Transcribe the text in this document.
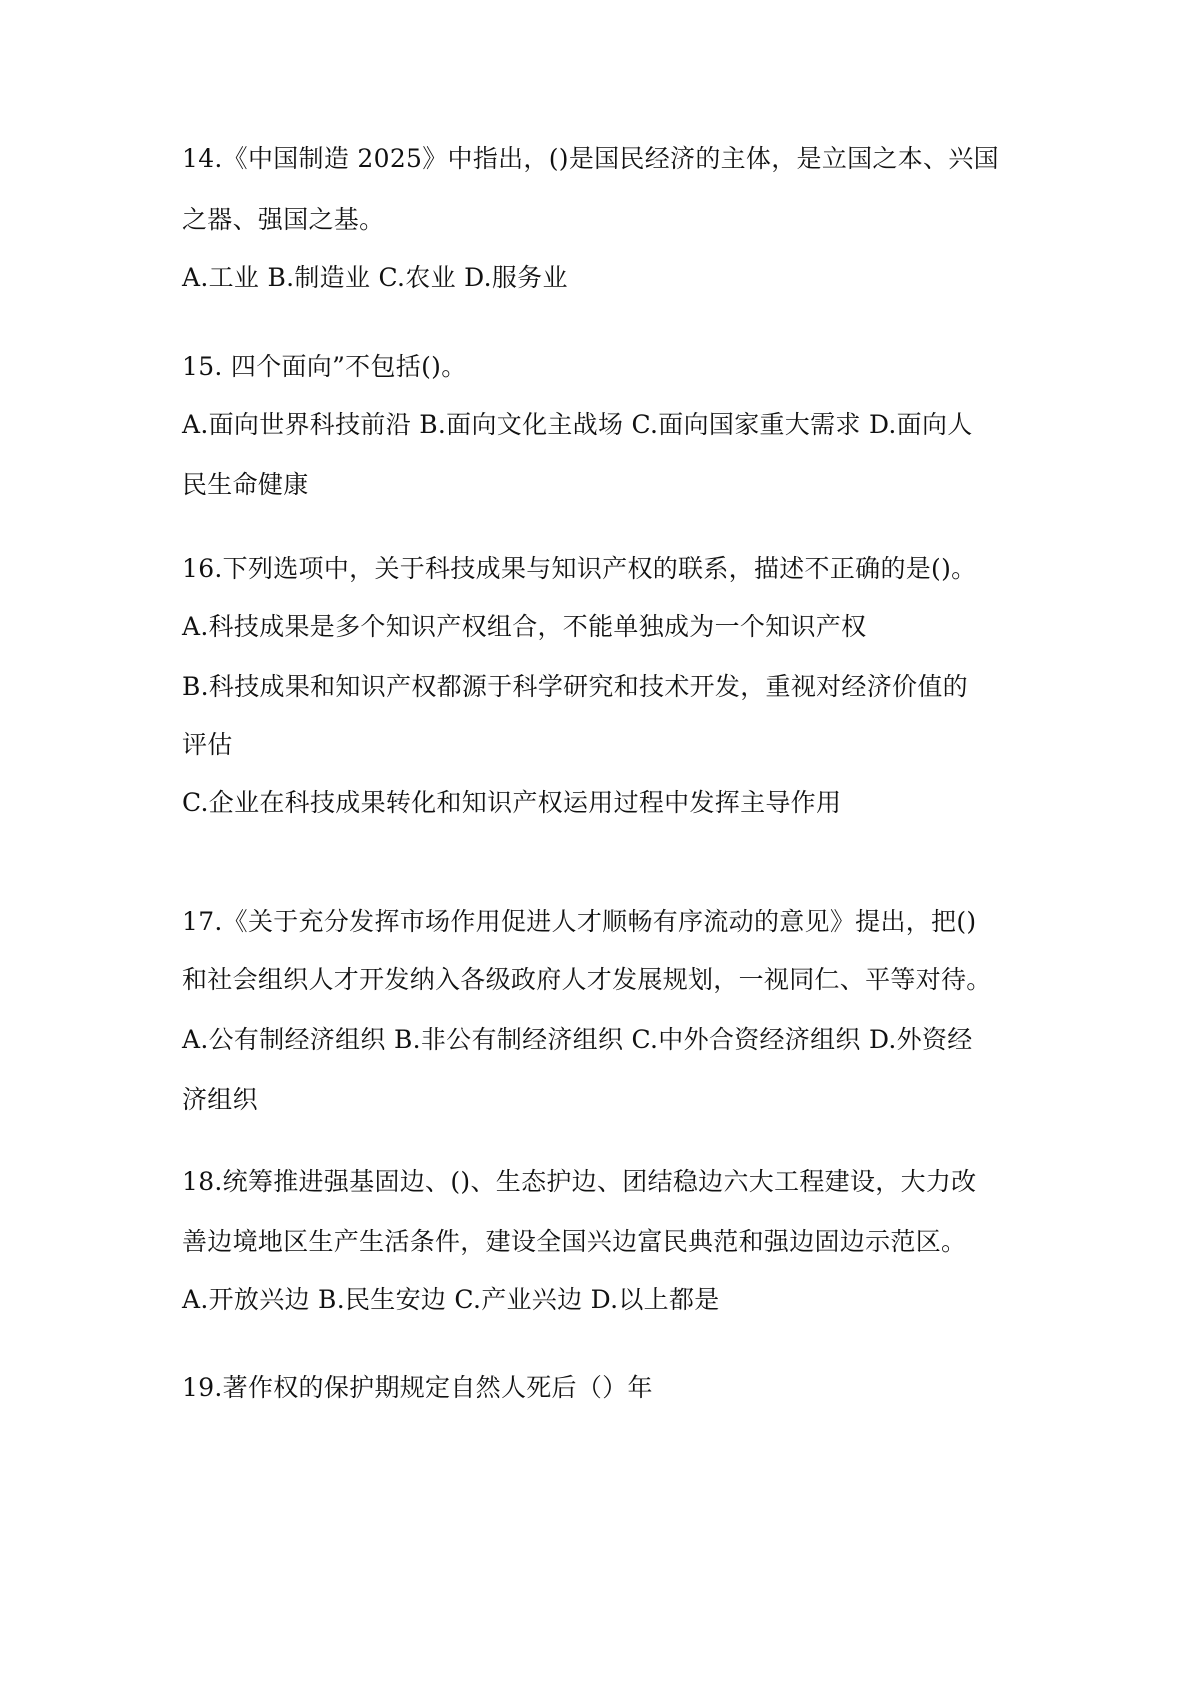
14.《中国制造 2025》中指出，()是国民经济的主体，是立国之本、兴国
之器、强国之基。
A.工业 B.制造业 C.农业 D.服务业
15. 四个面向”不包括()。
A.面向世界科技前沿 B.面向文化主战场 C.面向国家重大需求 D.面向人
民生命健康
16.下列选项中，关于科技成果与知识产权的联系，描述不正确的是()。
A.科技成果是多个知识产权组合，不能单独成为一个知识产权
B.科技成果和知识产权都源于科学研究和技术开发，重视对经济价值的
评估
C.企业在科技成果转化和知识产权运用过程中发挥主导作用
17.《关于充分发挥市场作用促进人才顺畅有序流动的意见》提出，把()
和社会组织人才开发纳入各级政府人才发展规划，一视同仁、平等对待。
A.公有制经济组织 B.非公有制经济组织 C.中外合资经济组织 D.外资经
济组织
18.统筹推进强基固边、()、生态护边、团结稳边六大工程建设，大力改
善边境地区生产生活条件，建设全国兴边富民典范和强边固边示范区。
A.开放兴边 B.民生安边 C.产业兴边 D.以上都是
19.著作权的保护期规定自然人死后（）年
